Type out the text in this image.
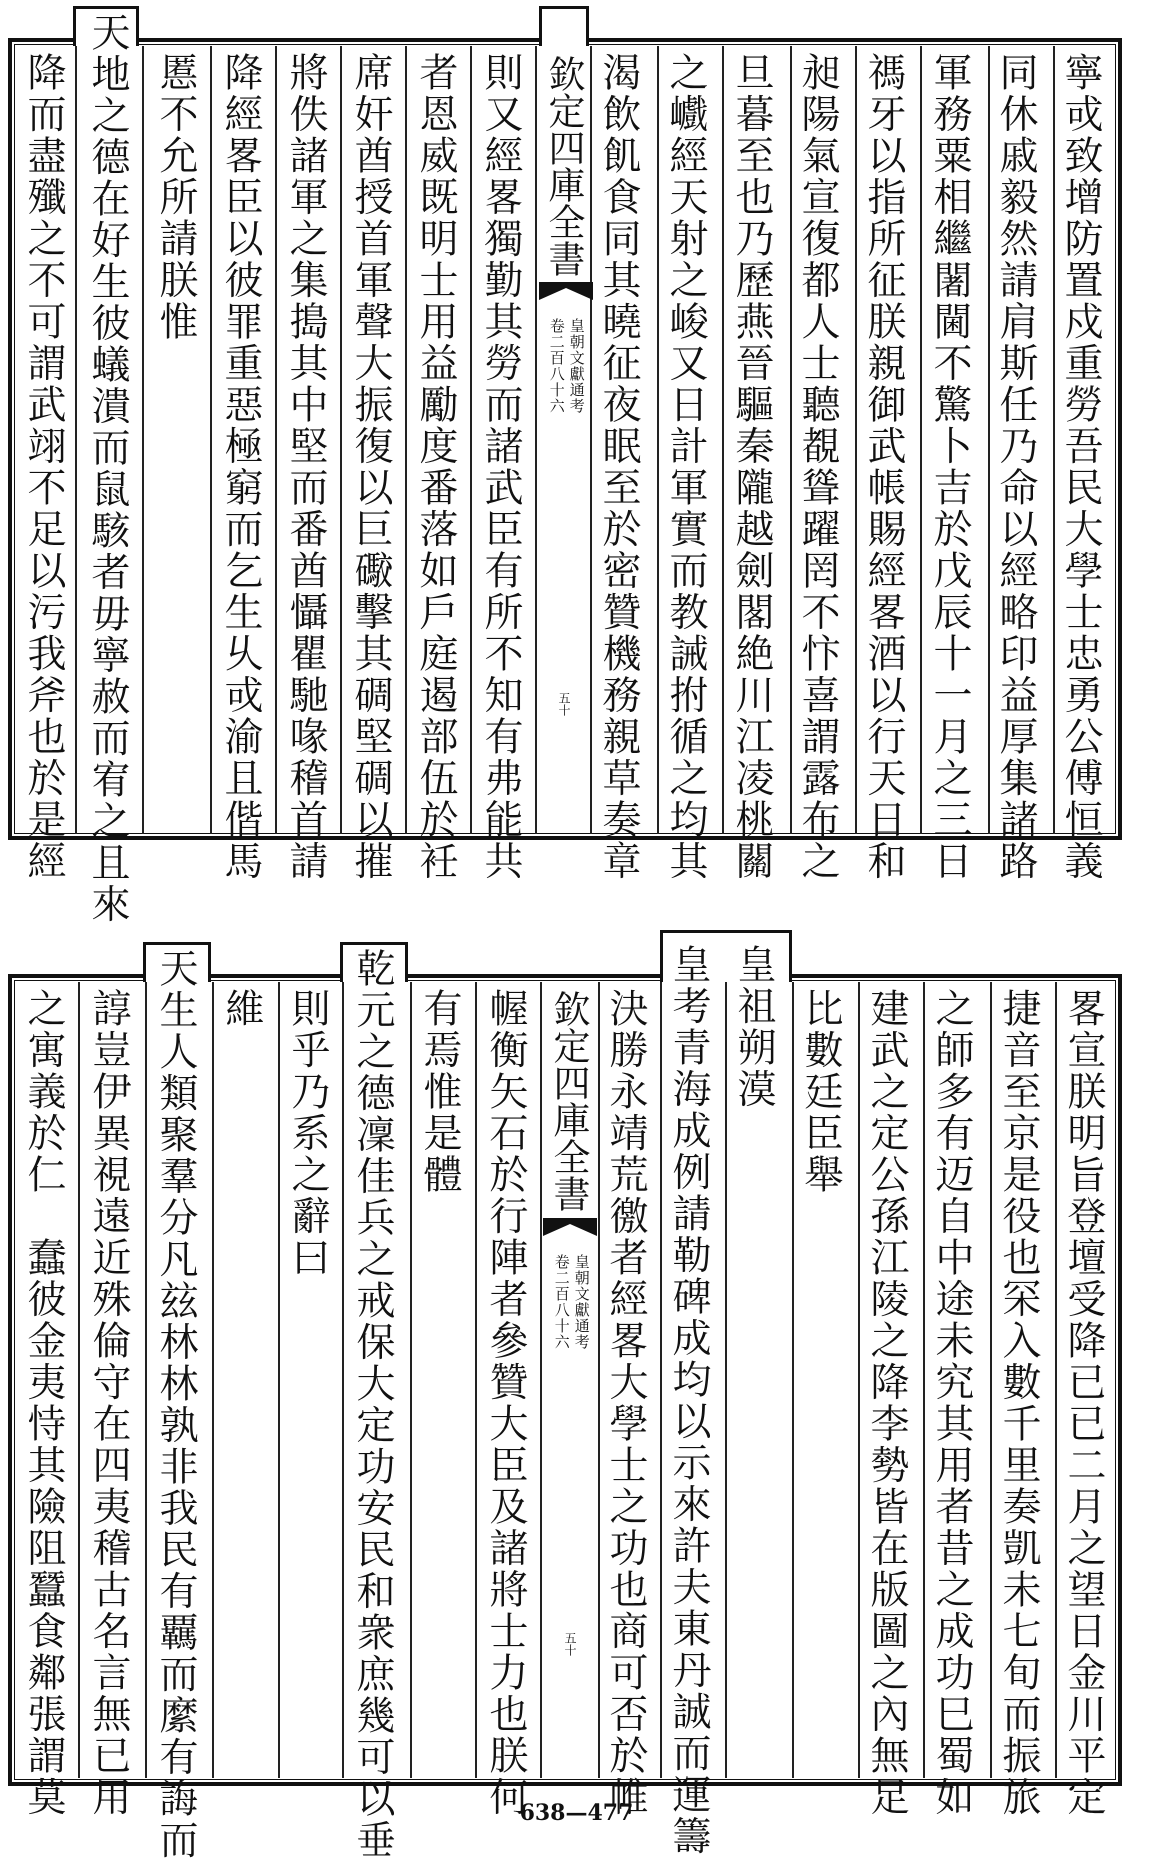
寧戓致增防置戍重勞吾民大學士忠勇公傅恒義
同休戚毅然請肩斯任乃命以經略印益厚集諸路
軍務粟相繼闍閫不驚卜吉於戊辰十一月之三日
禡牙以指所征朕親御武帳賜經畧酒以行天日和
昶陽氣宣復都人士聽覩聳躍罔不忭喜謂露布之
旦暮至也乃歷燕晉驅秦隴越劍閣絶川江凌桃關
之巇經天射之峻又日計軍實而教誡拊循之均其
渴飲飢食同其曉征夜眠至於密贊機務親草奏章
欽定四庫全書
皇朝文獻通考
卷二百八十六
五十
則又經畧獨勤其勞而諸武臣有所不知有弗能共
者恩威既明士用益勵度番落如戶庭遏部伍於衽
席奸酋授首軍聲大振復以巨礮擊其碉堅碉以摧
將佚諸軍之集搗其中堅而番酋懾瞿馳喙稽首請
降經畧臣以彼罪重惡極窮而乞生乆戓渝且偕馬
慝不允所請朕惟
天地之德在好生彼蟻潰而鼠駭者毋寧赦而宥之且來
降而盡殲之不可謂武翊不足以污我斧也於是經
畧宣朕明旨登壇受降已已二月之望日金川平定
捷音至京是役也罙入數千里奏凱未七旬而振旅
之師多有迈自中途未究其用者昔之成功巳蜀如
建武之定公孫江陵之降李勢皆在版圖之內無足
比數廷臣舉
皇祖朔漠
皇考青海成例請勒碑成均以示來許夫東丹誠而運籌
決勝永靖荒徼者經畧大學士之功也商可否於帷
欽定四庫全書
皇朝文獻通考
卷二百八十六
五十
幄衡矢石於行陣者參贊大臣及諸將士力也朕何
有焉惟是體
乾元之德凜佳兵之戒保大定功安民和衆庶幾可以垂
則乎乃系之辭曰
維
天生人類聚羣分凡玆林林孰非我民有覊而縻有誨而
諄豈伊異視遠近殊倫守在四夷稽古名言無已用
之寓義於仁　蠢彼金夷恃其險阻蠶食鄰張謂莫	638—477
